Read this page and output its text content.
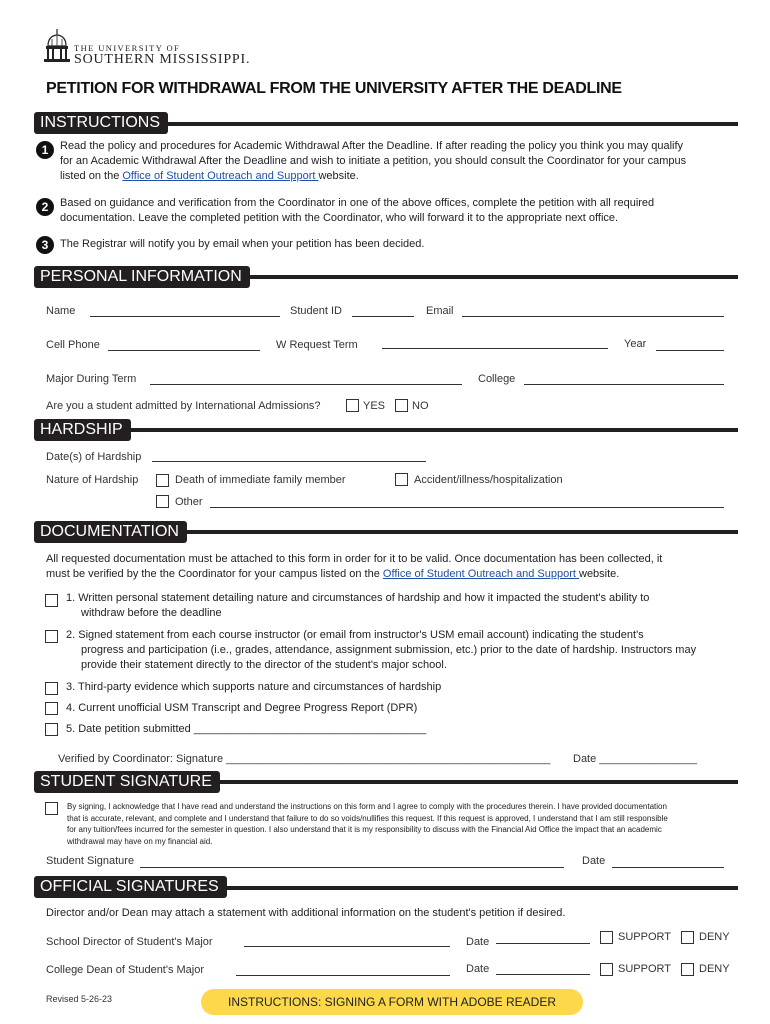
THE UNIVERSITY OF
SOUTHERN MISSISSIPPI.
PETITION FOR WITHDRAWAL FROM THE UNIVERSITY AFTER THE DEADLINE
INSTRUCTIONS
1	Read the policy and procedures for Academic Withdrawal After the Deadline. If after reading the policy you think you may qualify
for an Academic Withdrawal After the Deadline and wish to initiate a petition, you should consult the Coordinator for your campus
listed on the Office of Student Outreach and Support website.
2	Based on guidance and verification from the Coordinator in one of the above offices, complete the petition with all required
documentation. Leave the completed petition with the Coordinator, who will forward it to the appropriate next office.
3	The Registrar will notify you by email when your petition has been decided.
PERSONAL INFORMATION
Name	Student ID	Email
Cell Phone	W Request Term	Year
Major During Term	College
Are you a student admitted by International Admissions?	YES NO
HARDSHIP
Date(s) of Hardship
Nature of Hardship	Death of immediate family member	Accident/illness/hospitalization
Other
DOCUMENTATION
All requested documentation must be attached to this form in order for it to be valid. Once documentation has been collected, it
must be verified by the the Coordinator for your campus listed on the Office of Student Outreach and Support website.
1. Written personal statement detailing nature and circumstances of hardship and how it impacted the student's ability to
withdraw before the deadline
2. Signed statement from each course instructor (or email from instructor's USM email account) indicating the student's
progress and participation (i.e., grades, attendance, assignment submission, etc.) prior to the date of hardship. Instructors may
provide their statement directly to the director of the student's major school.
3. Third-party evidence which supports nature and circumstances of hardship
4. Current unofficial USM Transcript and Degree Progress Report (DPR)
5. Date petition submitted ______________________________________
Verified by Coordinator: Signature _____________________________________________________ Date ________________
STUDENT SIGNATURE
By signing, I acknowledge that I have read and understand the instructions on this form and I agree to comply with the procedures therein. I have provided documentation
that is accurate, relevant, and complete and I understand that failure to do so voids/nullifies this request. If this request is approved, I understand that I am still responsible
for any tuition/fees incurred for the semester in question. I also understand that it is my responsibility to discuss with the Financial Aid Office the impact that an academic
withdrawal may have on my financial aid.
Student Signature	Date
OFFICIAL SIGNATURES
Director and/or Dean may attach a statement with additional information on the student's petition if desired.
School Director of Student's Major	Date	SUPPORT	DENY
College Dean of Student's Major	Date	SUPPORT	DENY
Revised 5-26-23	INSTRUCTIONS: SIGNING A FORM WITH ADOBE READER
